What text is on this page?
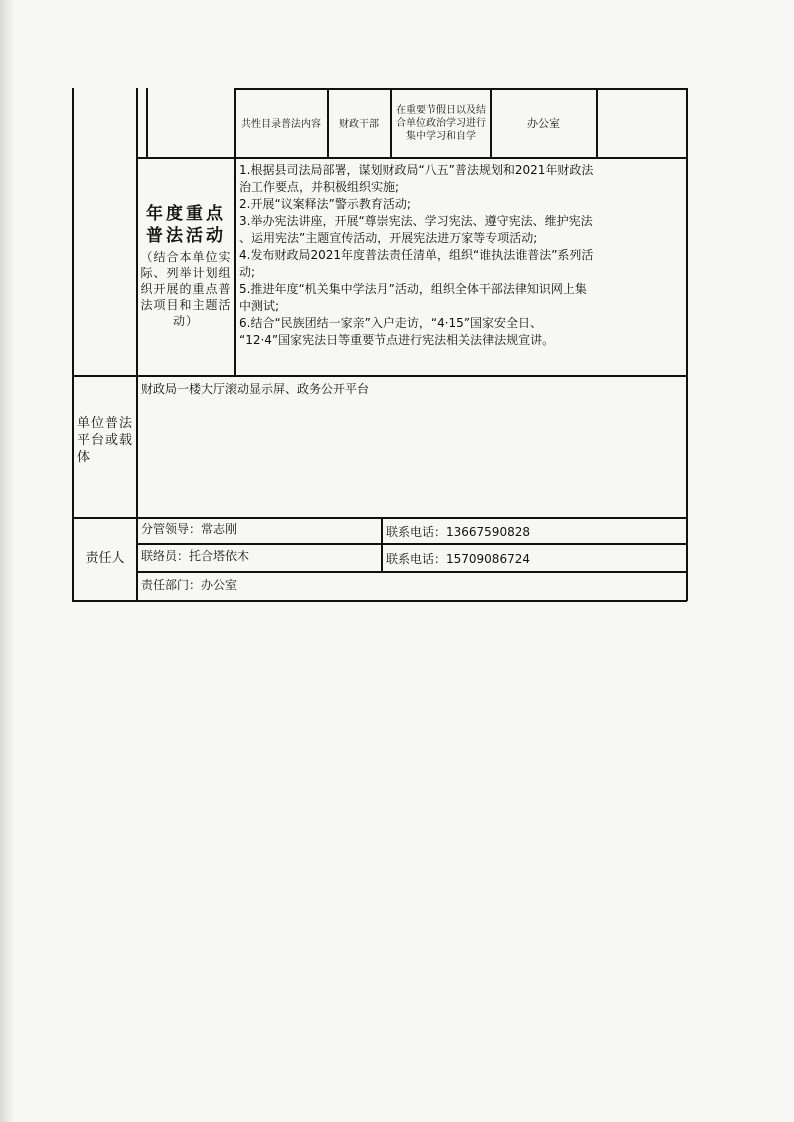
共性目录普法内容 财政干部
在重要节假日以及结合单位政治学习进行集中学习和自学
办公室
年度重点普法活动
（结合本单位实际、列举计划组织开展的重点普法项目和主题活动）

1.根据县司法局部署，谋划财政局“八五”普法规划和2021年财政法

治工作要点，并积极组织实施;

2.开展“议案释法”警示教育活动;

3.举办宪法讲座，开展“尊崇宪法、学习宪法、遵守宪法、维护宪法

、运用宪法”主题宣传活动，开展宪法进万家等专项活动;

4.发布财政局2021年度普法责任清单，组织“谁执法谁普法”系列活

动;

5.推进年度“机关集中学法月”活动，组织全体干部法律知识网上集

中测试;

6.结合“民族团结一家亲”入户走访，“4·15”国家安全日、

“12·4”国家宪法日等重要节点进行宪法相关法律法规宣讲。

单位普法平台或载体
财政局一楼大厅滚动显示屏、政务公开平台
责任人
分管领导：常志刚	联系电话：13667590828
联络员：托合塔依木	联系电话：15709086724
责任部门：办公室
